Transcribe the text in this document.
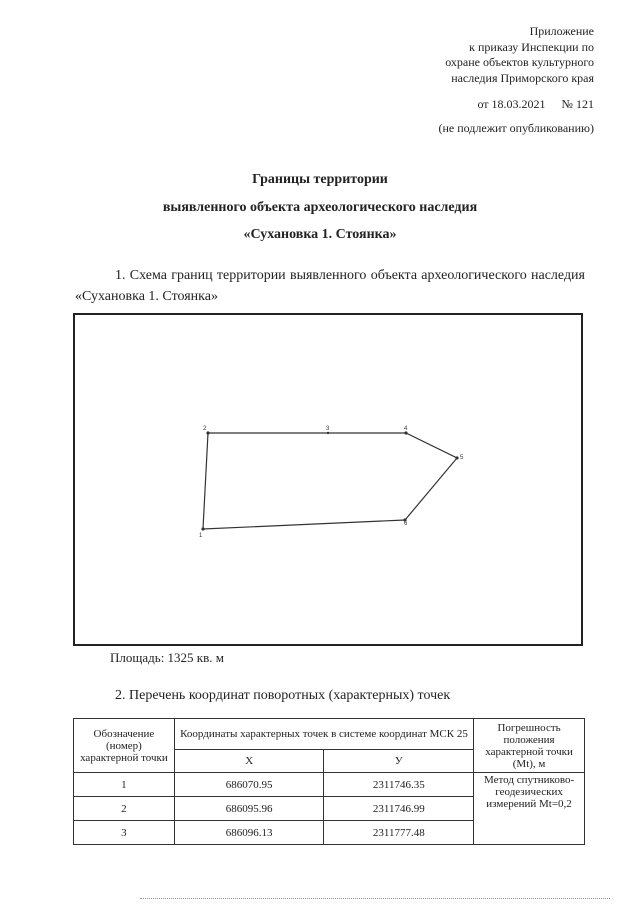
Приложение
к приказу Инспекции по
охране объектов культурного
наследия Приморского края
от 18.03.2021 № 121
(не подлежит опубликованию)
Границы территории
выявленного объекта археологического наследия
«Сухановка 1. Стоянка»
1. Схема границ территории выявленного объекта археологического наследия «Сухановка 1. Стоянка»
2	3	4
5
6
1
Площадь: 1325 кв. м
2. Перечень координат поворотных (характерных) точек
Обозначение (номер) характерной точки	Координаты характерных точек в системе координат МСК 25		Погрешность положения характерной точки (Mt), м
	X	У	
1	686070.95	2311746.35	Метод спутниково-геодезических измерений Mt=0,2
2	686095.96	2311746.99	
3	686096.13	2311777.48	
